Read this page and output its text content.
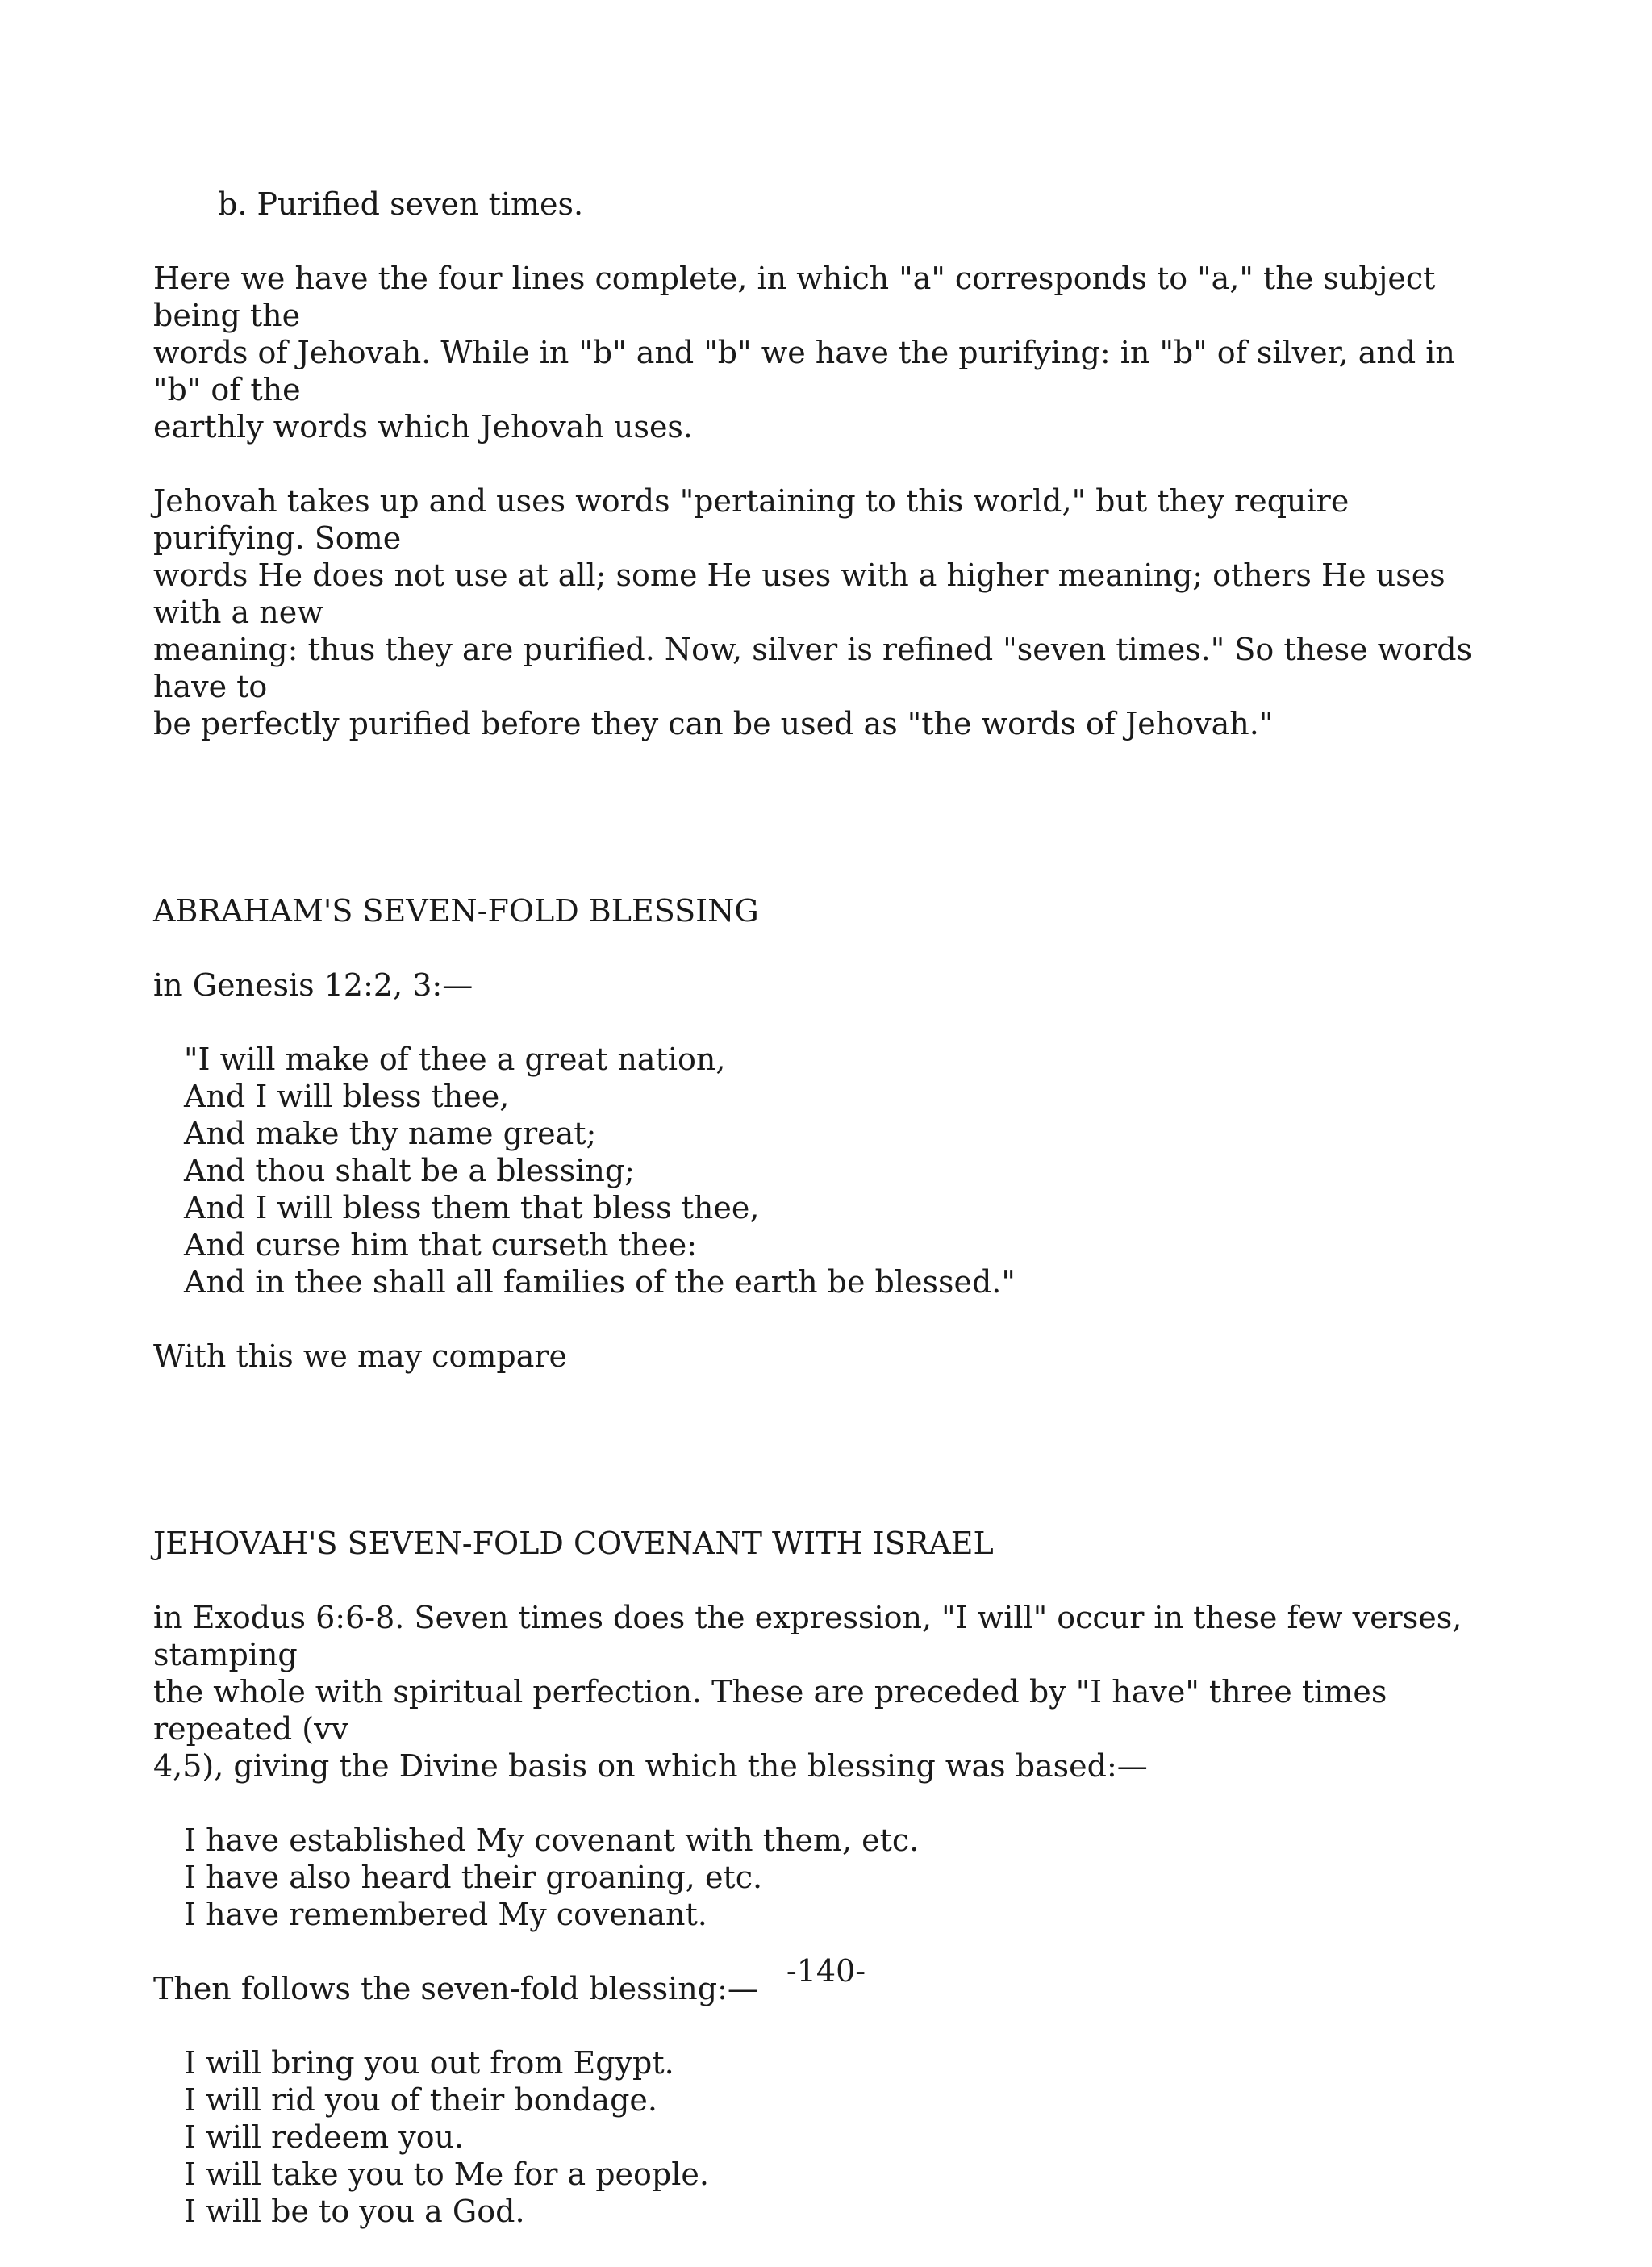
b. Purified seven times.

Here we have the four lines complete, in which "a" corresponds to "a," the subject being the
words of Jehovah. While in "b" and "b" we have the purifying: in "b" of silver, and in "b" of the
earthly words which Jehovah uses.

Jehovah takes up and uses words "pertaining to this world," but they require purifying. Some
words He does not use at all; some He uses with a higher meaning; others He uses with a new
meaning: thus they are purified. Now, silver is refined "seven times." So these words have to
be perfectly purified before they can be used as "the words of Jehovah."

ABRAHAM'S SEVEN-FOLD BLESSING

in Genesis 12:2, 3:—

"I will make of thee a great nation,
And I will bless thee,
And make thy name great;
And thou shalt be a blessing;
And I will bless them that bless thee,
And curse him that curseth thee:
And in thee shall all families of the earth be blessed."

With this we may compare

JEHOVAH'S SEVEN-FOLD COVENANT WITH ISRAEL

in Exodus 6:6-8. Seven times does the expression, "I will" occur in these few verses, stamping
the whole with spiritual perfection. These are preceded by "I have" three times repeated (vv
4,5), giving the Divine basis on which the blessing was based:—

I have established My covenant with them, etc.
I have also heard their groaning, etc.
I have remembered My covenant.

Then follows the seven-fold blessing:—

I will bring you out from Egypt.
I will rid you of their bondage.
I will redeem you.
I will take you to Me for a people.
I will be to you a God.
-140-
